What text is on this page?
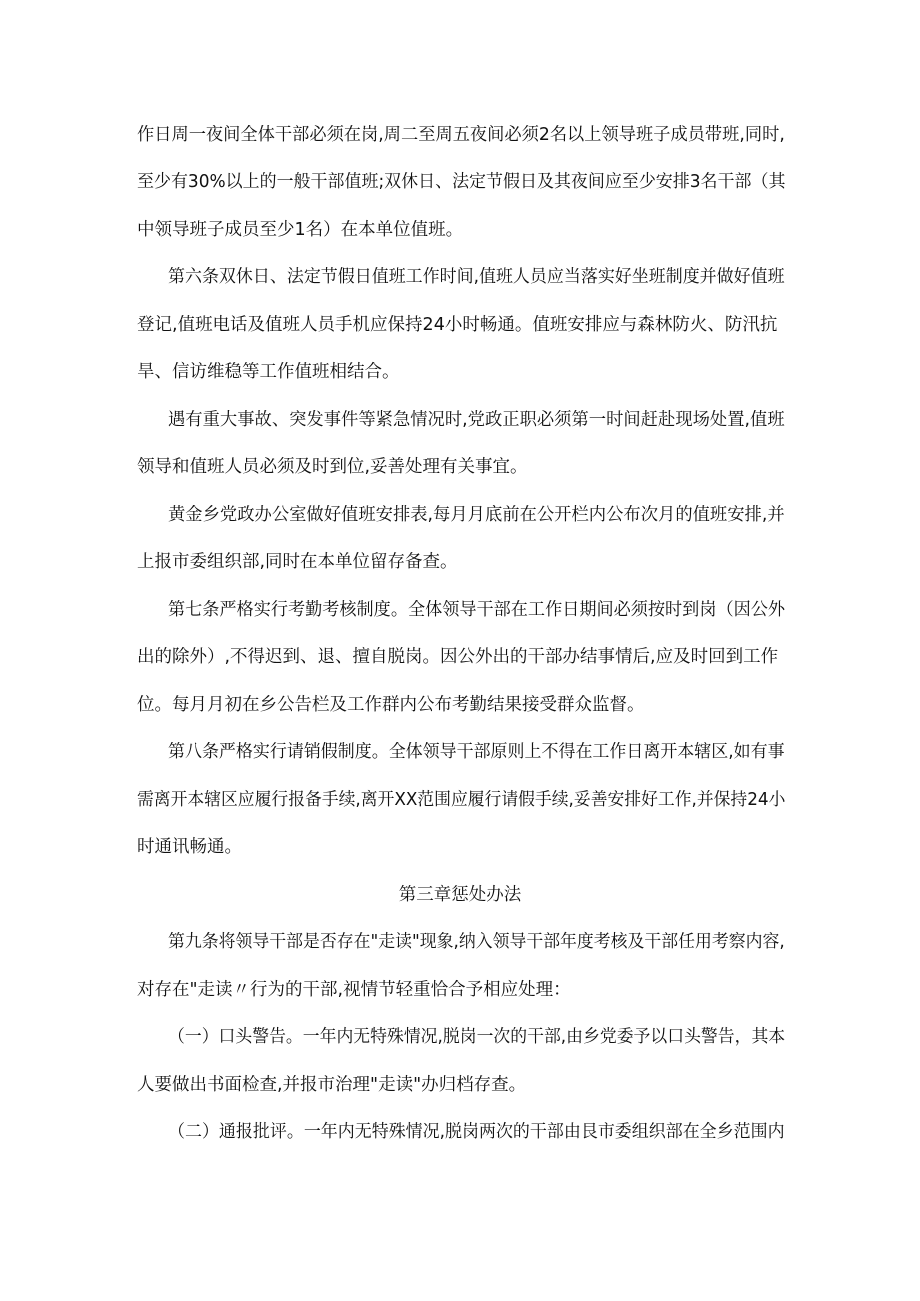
作日周一夜间全体干部必须在岗,周二至周五夜间必须2名以上领导班子成员带班,同时,
至少有30%以上的一般干部值班;双休日、法定节假日及其夜间应至少安排3名干部（其
中领导班子成员至少1名）在本单位值班。
第六条双休日、法定节假日值班工作时间,值班人员应当落实好坐班制度并做好值班
登记,值班电话及值班人员手机应保持24小时畅通。值班安排应与森林防火、防汛抗
旱、信访维稳等工作值班相结合。
遇有重大事故、突发事件等紧急情况时,党政正职必须第一时间赶赴现场处置,值班
领导和值班人员必须及时到位,妥善处理有关事宜。
黄金乡党政办公室做好值班安排表,每月月底前在公开栏内公布次月的值班安排,并
上报市委组织部,同时在本单位留存备查。
第七条严格实行考勤考核制度。全体领导干部在工作日期间必须按时到岗（因公外
出的除外）,不得迟到、退、擅自脱岗。因公外出的干部办结事情后,应及时回到工作
位。每月月初在乡公告栏及工作群内公布考勤结果接受群众监督。
第八条严格实行请销假制度。全体领导干部原则上不得在工作日离开本辖区,如有事
需离开本辖区应履行报备手续,离开XX范围应履行请假手续,妥善安排好工作,并保持24小
时通讯畅通。
第三章惩处办法
第九条将领导干部是否存在"走读"现象,纳入领导干部年度考核及干部任用考察内容,
对存在"走读〃行为的干部,视情节轻重恰合予相应处理：
（一）口头警告。一年内无特殊情况,脱岗一次的干部,由乡党委予以口头警告，其本
人要做出书面检查,并报市治理"走读"办归档存查。
（二）通报批评。一年内无特殊情况,脱岗两次的干部由艮市委组织部在全乡范围内
